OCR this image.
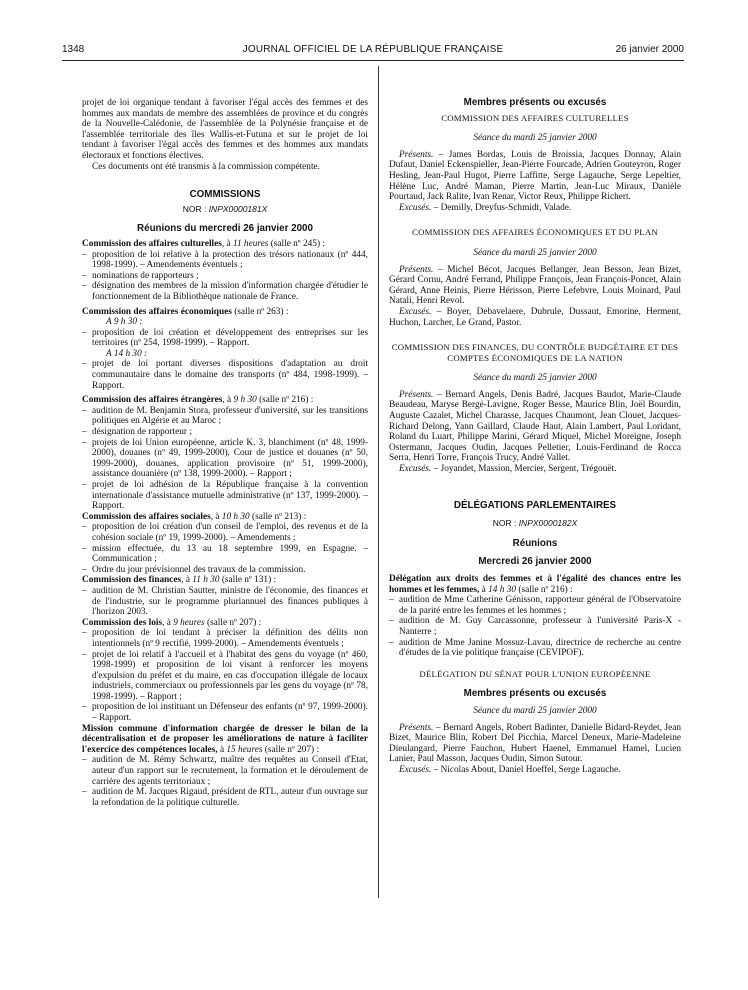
1348	JOURNAL OFFICIEL DE LA RÉPUBLIQUE FRANÇAISE	26 janvier 2000

projet de loi organique tendant à favoriser l'égal accès des femmes et des hommes aux mandats de membre des assemblées de province et du congrès de la Nouvelle-Calédonie, de l'assemblée de la Polynésie française et de l'assemblée territoriale des îles Wallis-et-Futuna et sur le projet de loi tendant à favoriser l'égal accès des femmes et des hommes aux mandats électoraux et fonctions électives.

Ces documents ont été transmis à la commission compétente.

COMMISSIONS

NOR : INPX0000181X

Réunions du mercredi 26 janvier 2000

Commission des affaires culturelles, à 11 heures (salle nº 245) :

– proposition de loi relative à la protection des trésors nationaux (nº 444, 1998-1999). – Amendements éventuels ;
– nominations de rapporteurs ;
– désignation des membres de la mission d'information chargée d'étudier le fonctionnement de la Bibliothèque nationale de France.

Commission des affaires économiques (salle nº 263) :

A 9 h 30 :

– proposition de loi création et développement des entreprises sur les territoires (nº 254, 1998-1999). – Rapport.

A 14 h 30 :

– projet de loi portant diverses dispositions d'adaptation au droit communautaire dans le domaine des transports (nº 484, 1998-1999). – Rapport.

Commission des affaires étrangères, à 9 h 30 (salle nº 216) :

– audition de M. Benjamin Stora, professeur d'université, sur les transitions politiques en Algérie et au Maroc ;
– désignation de rapporteur ;
– projets de loi Union européenne, article K. 3, blanchiment (nº 48, 1999-2000), douanes (nº 49, 1999-2000), Cour de justice et douanes (nº 50, 1999-2000), douanes, application provisoire (nº 51, 1999-2000), assistance douanière (nº 138, 1999-2000). – Rapport ;
– projet de loi adhésion de la République française à la convention internationale d'assistance mutuelle administrative (nº 137, 1999-2000). – Rapport.

Commission des affaires sociales, à 10 h 30 (salle nº 213) :

– proposition de loi création d'un conseil de l'emploi, des revenus et de la cohésion sociale (nº 19, 1999-2000). – Amendements ;
– mission effectuée, du 13 au 18 septembre 1999, en Espagne. – Communication ;
– Ordre du jour prévisionnel des travaux de la commission.

Commission des finances, à 11 h 30 (salle nº 131) :

– audition de M. Christian Sautter, ministre de l'économie, des finances et de l'industrie, sur le programme pluriannuel des finances publiques à l'horizon 2003.

Commission des lois, à 9 heures (salle nº 207) :

– proposition de loi tendant à préciser la définition des délits non intentionnels (nº 9 rectifié, 1999-2000). – Amendements éventuels ;
– projet de loi relatif à l'accueil et à l'habitat des gens du voyage (nº 460, 1998-1999) et proposition de loi visant à renforcer les moyens d'expulsion du préfet et du maire, en cas d'occupation illégale de locaux industriels, commerciaux ou professionnels par les gens du voyage (nº 78, 1998-1999). – Rapport ;
– proposition de loi instituant un Défenseur des enfants (nº 97, 1999-2000). – Rapport.

Mission commune d'information chargée de dresser le bilan de la décentralisation et de proposer les améliorations de nature à faciliter l'exercice des compétences locales, à 15 heures (salle nº 207) :

– audition de M. Rémy Schwartz, maître des requêtes au Conseil d'Etat, auteur d'un rapport sur le recrutement, la formation et le déroulement de carrière des agents territoriaux ;
– audition de M. Jacques Rigaud, président de RTL, auteur d'un ouvrage sur la refondation de la politique culturelle.

Membres présents ou excusés

COMMISSION DES AFFAIRES CULTURELLES

Séance du mardi 25 janvier 2000

Présents. – James Bordas, Louis de Broissia, Jacques Donnay, Alain Dufaut, Daniel Eckenspieller, Jean-Pierre Fourcade, Adrien Gouteyron, Roger Hesling, Jean-Paul Hugot, Pierre Laffitte, Serge Lagauche, Serge Lepeltier, Hélène Luc, André Maman, Pierre Martin, Jean-Luc Miraux, Danièle Pourtaud, Jack Ralite, Ivan Renar, Victor Reux, Philippe Richert.

Excusés. – Demilly, Dreyfus-Schmidt, Valade.

COMMISSION DES AFFAIRES ÉCONOMIQUES ET DU PLAN

Séance du mardi 25 janvier 2000

Présents. – Michel Bécot, Jacques Bellanger, Jean Besson, Jean Bizet, Gérard Cornu, André Ferrand, Philippe François, Jean François-Poncet, Alain Gérard, Anne Heinis, Pierre Hérisson, Pierre Lefebvre, Louis Moinard, Paul Natali, Henri Revol.

Excusés. – Boyer, Debavelaere, Dubrule, Dussaut, Emorine, Herment, Huchon, Larcher, Le Grand, Pastor.

COMMISSION DES FINANCES, DU CONTRÔLE BUDGÉTAIRE ET DES COMPTES ÉCONOMIQUES DE LA NATION

Séance du mardi 25 janvier 2000

Présents. – Bernard Angels, Denis Badré, Jacques Baudot, Marie-Claude Beaudeau, Maryse Bergé-Lavigne, Roger Besse, Maurice Blin, Joël Bourdin, Auguste Cazalet, Michel Charasse, Jacques Chaumont, Jean Clouet, Jacques-Richard Delong, Yann Gaillard, Claude Haut, Alain Lambert, Paul Loridant, Roland du Luart, Philippe Marini, Gérard Miquel, Michel Moreigne, Joseph Ostermann, Jacques Oudin, Jacques Pelletier, Louis-Ferdinand de Rocca Serra, Henri Torre, François Trucy, André Vallet.

Excusés. – Joyandet, Massion, Mercier, Sergent, Trégouët.

DÉLÉGATIONS PARLEMENTAIRES

NOR : INPX0000182X

Réunions

Mercredi 26 janvier 2000

Délégation aux droits des femmes et à l'égalité des chances entre les hommes et les femmes, à 14 h 30 (salle nº 216) :

– audition de Mme Catherine Génisson, rapporteur général de l'Observatoire de la parité entre les femmes et les hommes ;
– audition de M. Guy Carcassonne, professeur à l'université Paris-X - Nanterre ;
– audition de Mme Janine Mossuz-Lavau, directrice de recherche au centre d'études de la vie politique française (CEVIPOF).

DÉLÉGATION DU SÉNAT POUR L'UNION EUROPÉENNE

Membres présents ou excusés

Séance du mardi 25 janvier 2000

Présents. – Bernard Angels, Robert Badinter, Danielle Bidard-Reydet, Jean Bizet, Maurice Blin, Robert Del Picchia, Marcel Deneux, Marie-Madeleine Dieulangard, Pierre Fauchon, Hubert Haenel, Emmanuel Hamel, Lucien Lanier, Paul Masson, Jacques Oudin, Simon Sutour.

Excusés. – Nicolas About, Daniel Hoeffel, Serge Lagauche.
